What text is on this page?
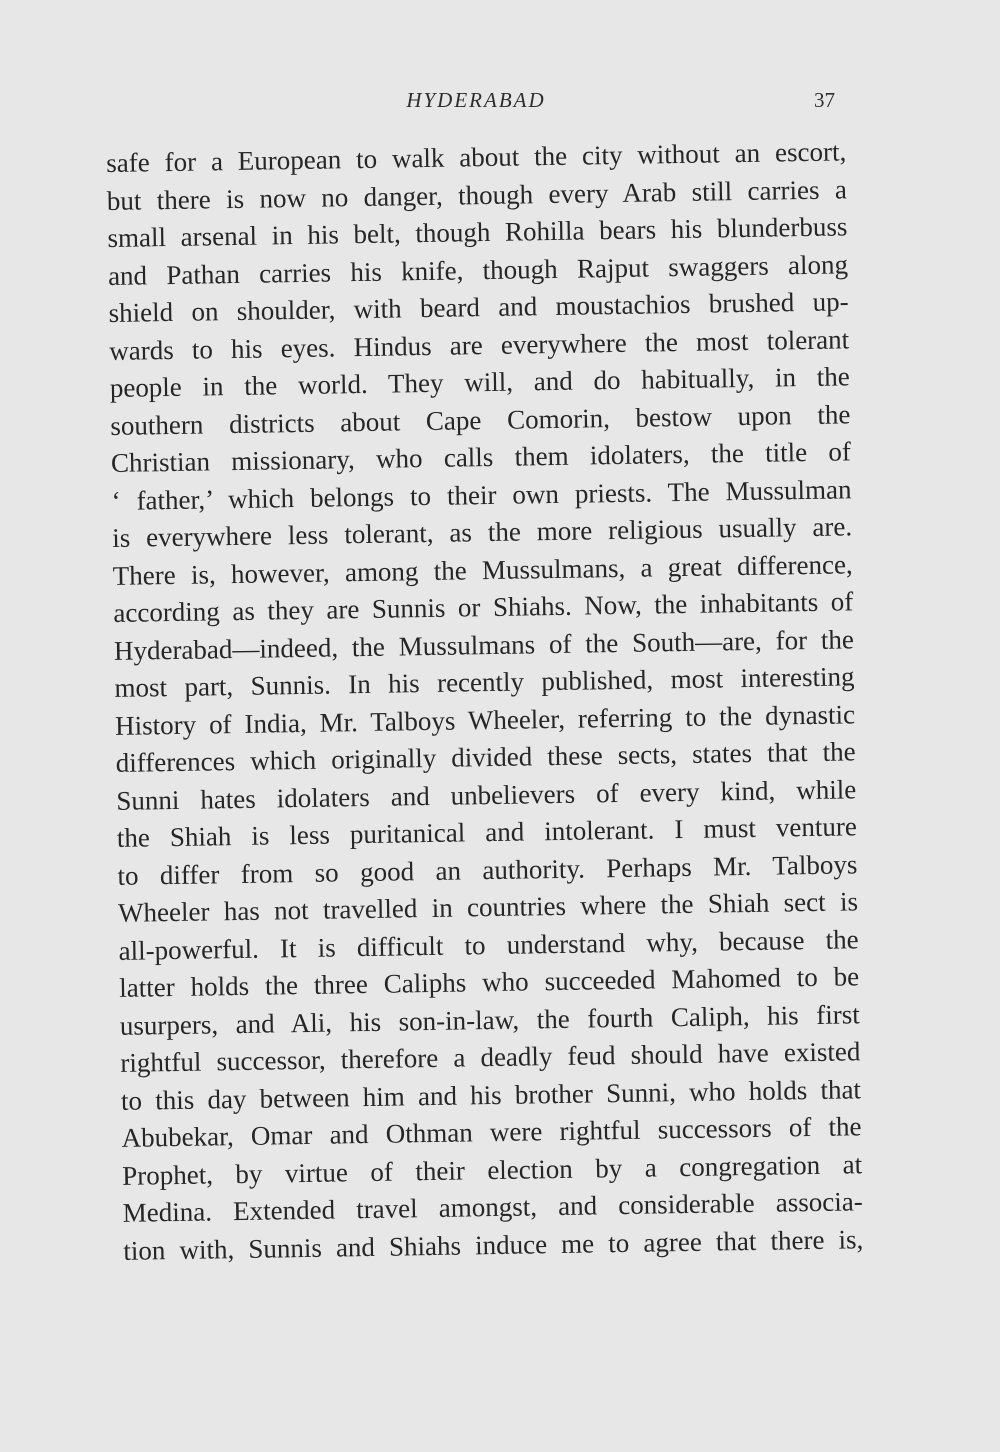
HYDERABAD	37
safe for a European to walk about the city without an escort,
but there is now no danger, though every Arab still carries a
small arsenal in his belt, though Rohilla bears his blunderbuss
and Pathan carries his knife, though Rajput swaggers along
shield on shoulder, with beard and moustachios brushed up-
wards to his eyes. Hindus are everywhere the most tolerant
people in the world. They will, and do habitually, in the
southern districts about Cape Comorin, bestow upon the
Christian missionary, who calls them idolaters, the title of
‘ father,’ which belongs to their own priests. The Mussulman
is everywhere less tolerant, as the more religious usually are.
There is, however, among the Mussulmans, a great difference,
according as they are Sunnis or Shiahs. Now, the inhabitants of
Hyderabad—indeed, the Mussulmans of the South—are, for the
most part, Sunnis. In his recently published, most interesting
History of India, Mr. Talboys Wheeler, referring to the dynastic
differences which originally divided these sects, states that the
Sunni hates idolaters and unbelievers of every kind, while
the Shiah is less puritanical and intolerant. I must venture
to differ from so good an authority. Perhaps Mr. Talboys
Wheeler has not travelled in countries where the Shiah sect is
all-powerful. It is difficult to understand why, because the
latter holds the three Caliphs who succeeded Mahomed to be
usurpers, and Ali, his son-in-law, the fourth Caliph, his first
rightful successor, therefore a deadly feud should have existed
to this day between him and his brother Sunni, who holds that
Abubekar, Omar and Othman were rightful successors of the
Prophet, by virtue of their election by a congregation at
Medina. Extended travel amongst, and considerable associa-
tion with, Sunnis and Shiahs induce me to agree that there is,
